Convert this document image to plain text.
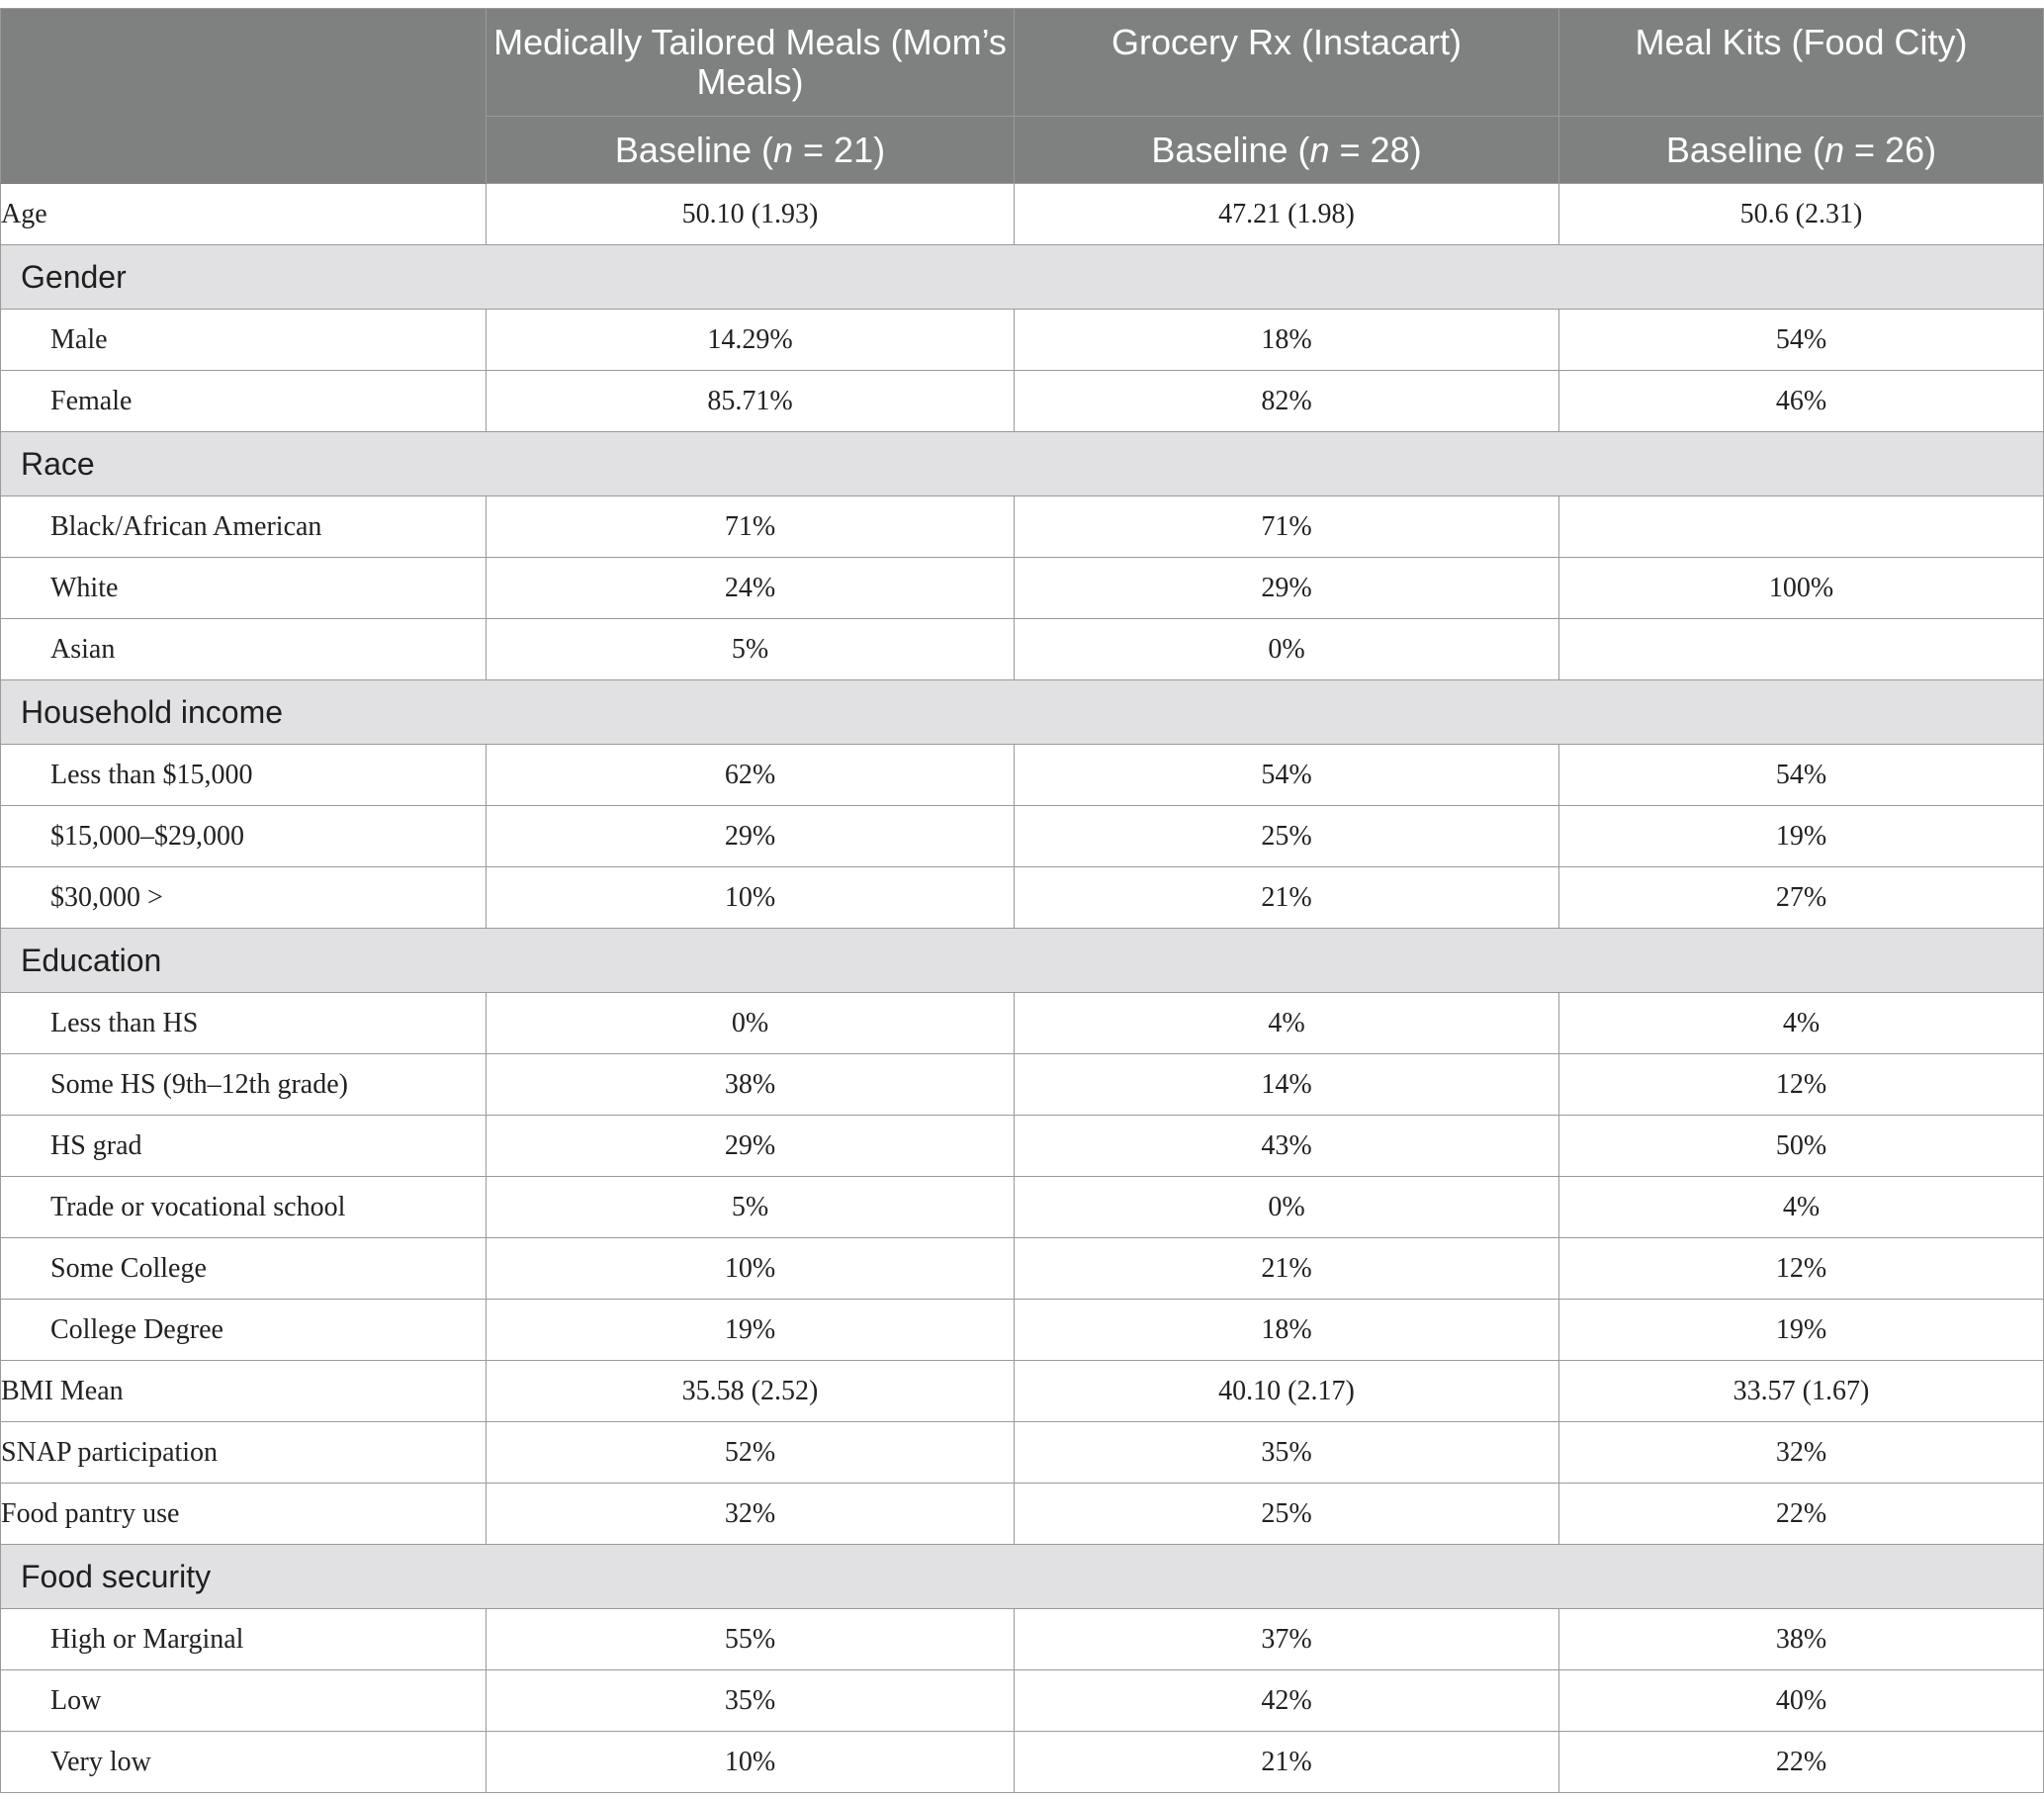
	Medically Tailored Meals (Mom’s Meals)	Grocery Rx (Instacart)	Meal Kits (Food City)
	Baseline (n = 21)	Baseline (n = 28)	Baseline (n = 26)
Age	50.10 (1.93)	47.21 (1.98)	50.6 (2.31)
Gender			
Male	14.29%	18%	54%
Female	85.71%	82%	46%
Race			
Black/African American	71%	71%	
White	24%	29%	100%
Asian	5%	0%	
Household income			
Less than $15,000	62%	54%	54%
$15,000–$29,000	29%	25%	19%
$30,000 >	10%	21%	27%
Education			
Less than HS	0%	4%	4%
Some HS (9th–12th grade)	38%	14%	12%
HS grad	29%	43%	50%
Trade or vocational school	5%	0%	4%
Some College	10%	21%	12%
College Degree	19%	18%	19%
BMI Mean	35.58 (2.52)	40.10 (2.17)	33.57 (1.67)
SNAP participation	52%	35%	32%
Food pantry use	32%	25%	22%
Food security			
High or Marginal	55%	37%	38%
Low	35%	42%	40%
Very low	10%	21%	22%
